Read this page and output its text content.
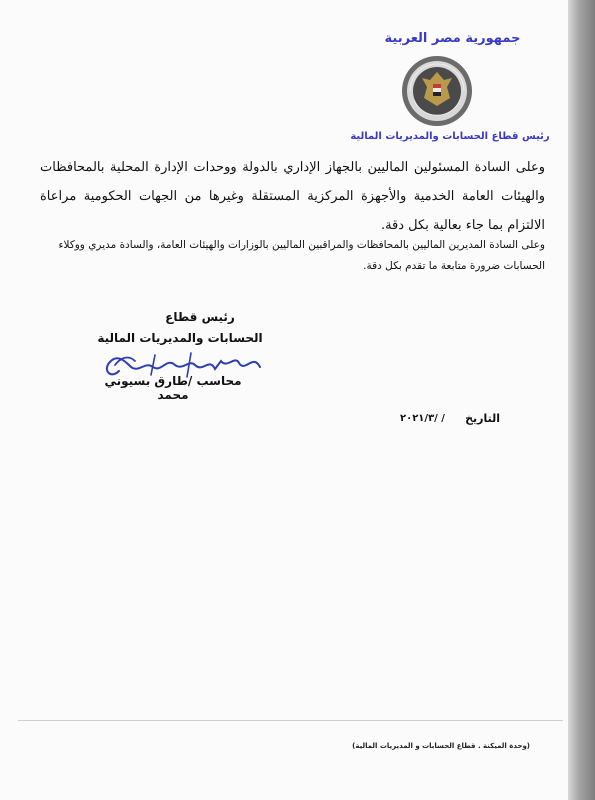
جمهورية مصر العربية
رئيس قطاع الحسابات والمديريات المالية
وعلى السادة المسئولين الماليين بالجهاز الإداري بالدولة ووحدات الإدارة المحلية بالمحافظات والهيئات العامة الخدمية والأجهزة المركزية المستقلة وغيرها من الجهات الحكومية مراعاة الالتزام بما جاء بعالية بكل دقة.
وعلى السادة المديرين الماليين بالمحافظات والمراقبين الماليين بالوزارات والهيئات العامة، والسادة مديري ووكلاء الحسابات ضرورة متابعة ما تقدم بكل دقة.
رئيس قطاع
الحسابات والمديريات المالية
محاسب /طارق بسيوني محمد
التاريخ
٢٠٢١/٣/ /
(وحدة الميكنة . قطاع الحسابات و المديريات المالية)
